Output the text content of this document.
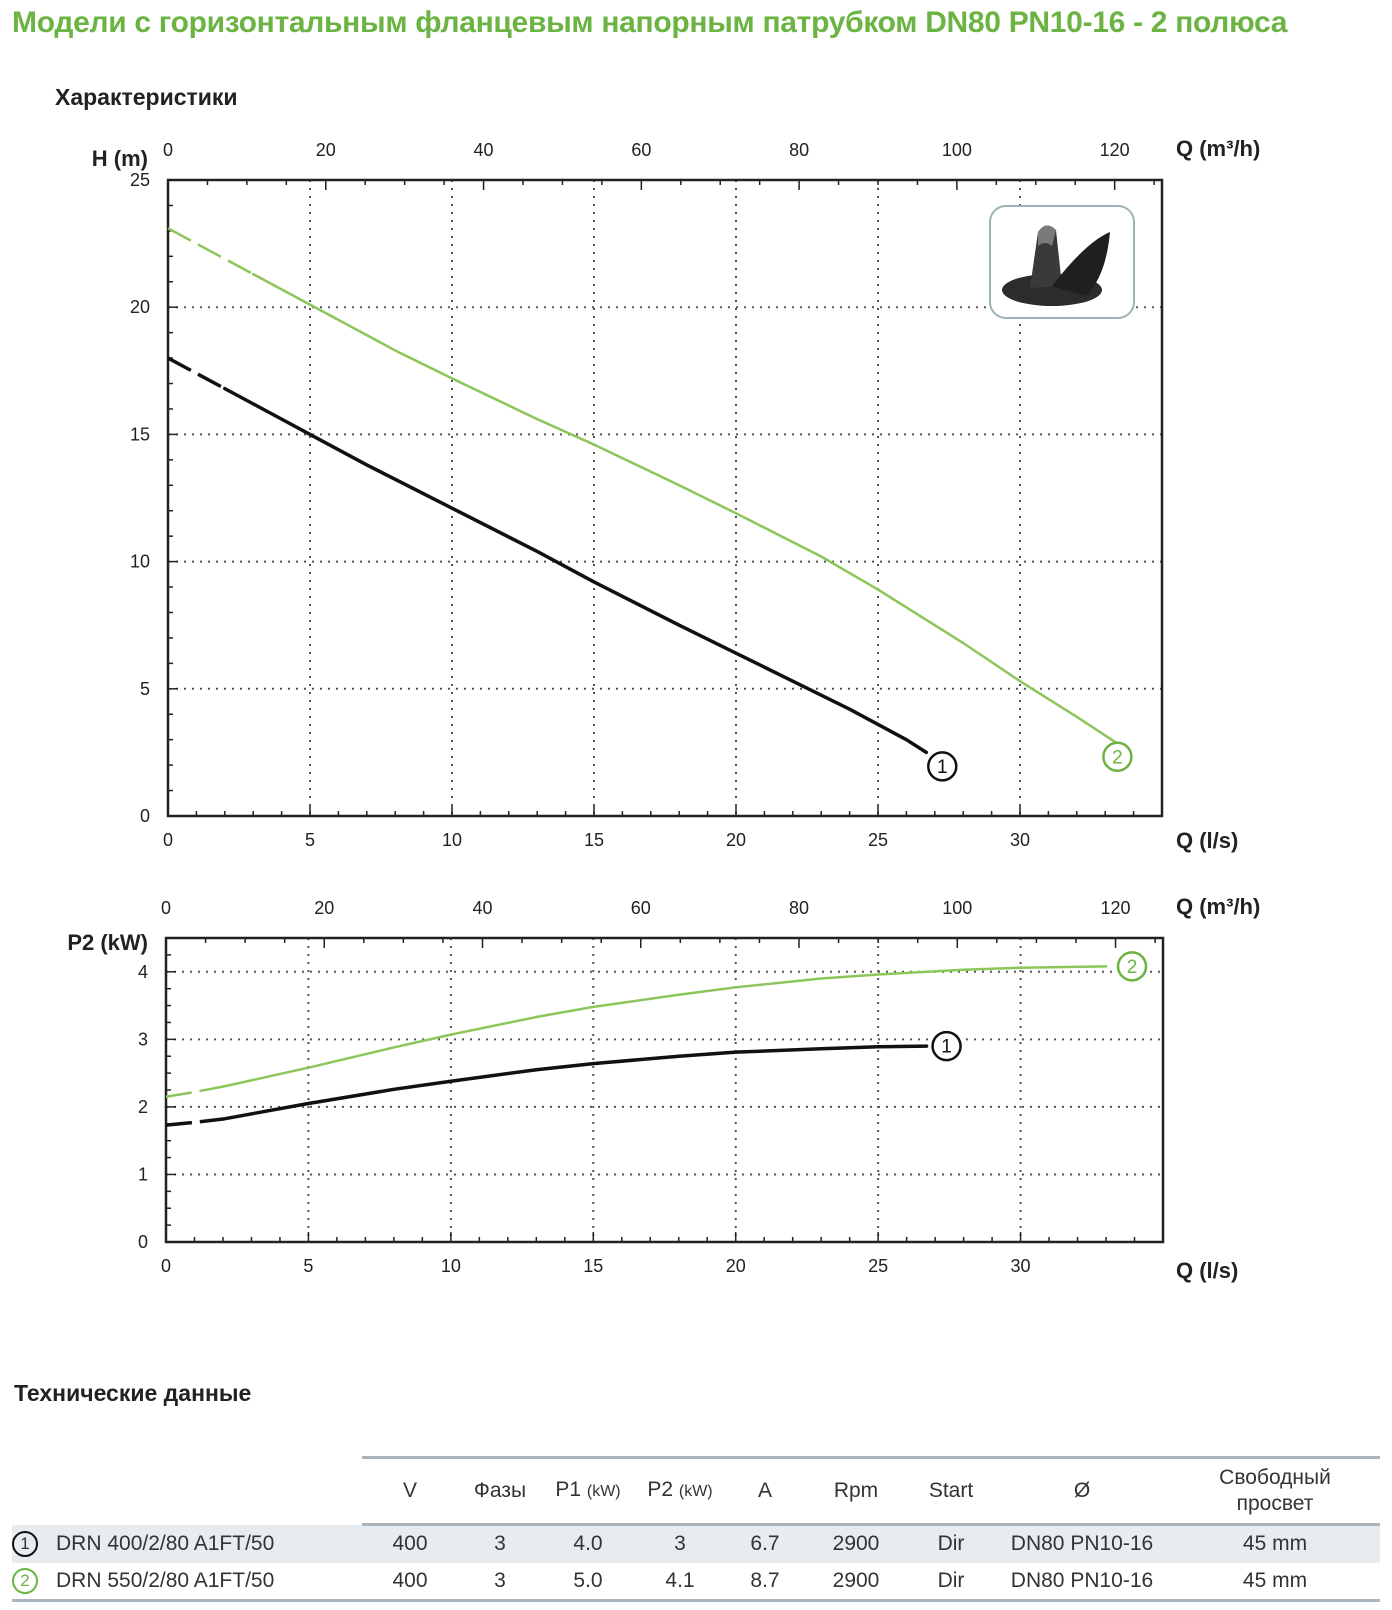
Модели с горизонтальным фланцевым напорным патрубком DN80 PN10-16 - 2 полюса
Характеристики
0	5	10	15	20	25	30
0	20	40	60	80	100	120
0
5
10
15
20
25
H (m)	Q (m³/h)
Q (l/s)
1	2
0	5	10	15	20	25	30
0	20	40	60	80	100	120
0
1
2
3
4
P2 (kW)
Q (m³/h)
Q (l/s)
1
2
Технические данные
	V	Фазы	P1 (kW)	P2 (kW)	A	Rpm	Start	Ø	Свободный
просвет
1 DRN 400/2/80 A1FT/50	400	3	4.0	3	6.7	2900	Dir	DN80 PN10-16	45 mm
2 DRN 550/2/80 A1FT/50	400	3	5.0	4.1	8.7	2900	Dir	DN80 PN10-16	45 mm
